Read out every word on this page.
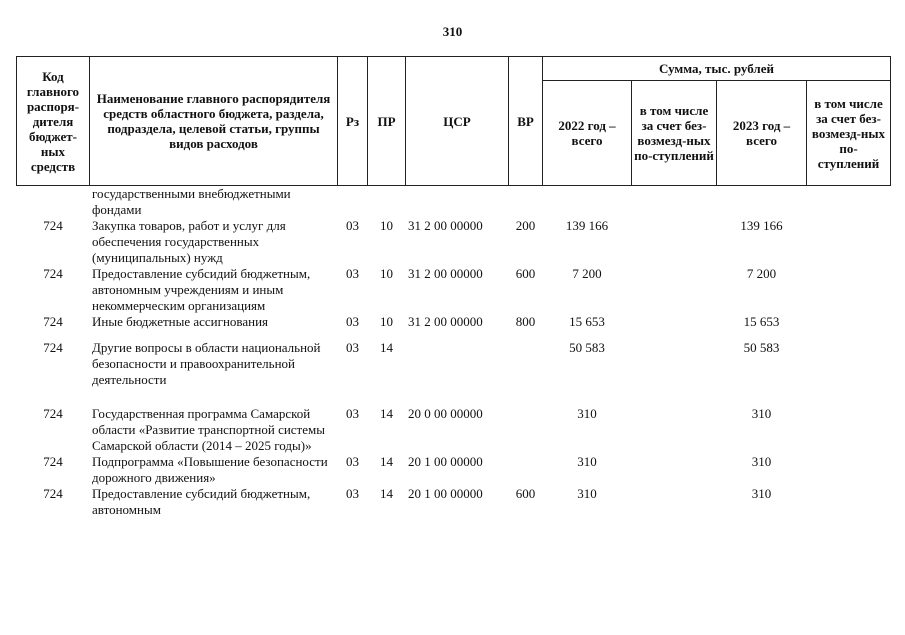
310
Код главного распоря-дителя бюджет-ных средств	Наименование главного распорядителя средств областного бюджета, раздела, подраздела, целевой статьи, группы видов расходов	Рз	ПР	ЦСР	ВР	Сумма, тыс. рублей			
						2022 год – всего	в том числе за счет без-возмезд-ных по-ступлений	2023 год – всего	в том числе за счет без-возмезд-ных по-ступлений
	государственными внебюджетными фондами								
724	Закупка товаров, работ и услуг для обеспечения государственных (муниципальных) нужд	03	10	31 2 00 00000	200	139 166		139 166	
724	Предоставление субсидий бюджетным, автономным учреждениям и иным некоммерческим организациям	03	10	31 2 00 00000	600	7 200		7 200	
724	Иные бюджетные ассигнования	03	10	31 2 00 00000	800	15 653		15 653	

724	Другие вопросы в области национальной безопасности и правоохранительной деятельности	03	14			50 583		50 583	

724	Государственная программа Самарской области «Развитие транспортной системы Самарской области (2014 – 2025 годы)»	03	14	20 0 00 00000		310		310	
724	Подпрограмма «Повышение безопасности дорожного движения»	03	14	20 1 00 00000		310		310	
724	Предоставление субсидий бюджетным, автономным	03	14	20 1 00 00000	600	310		310	
